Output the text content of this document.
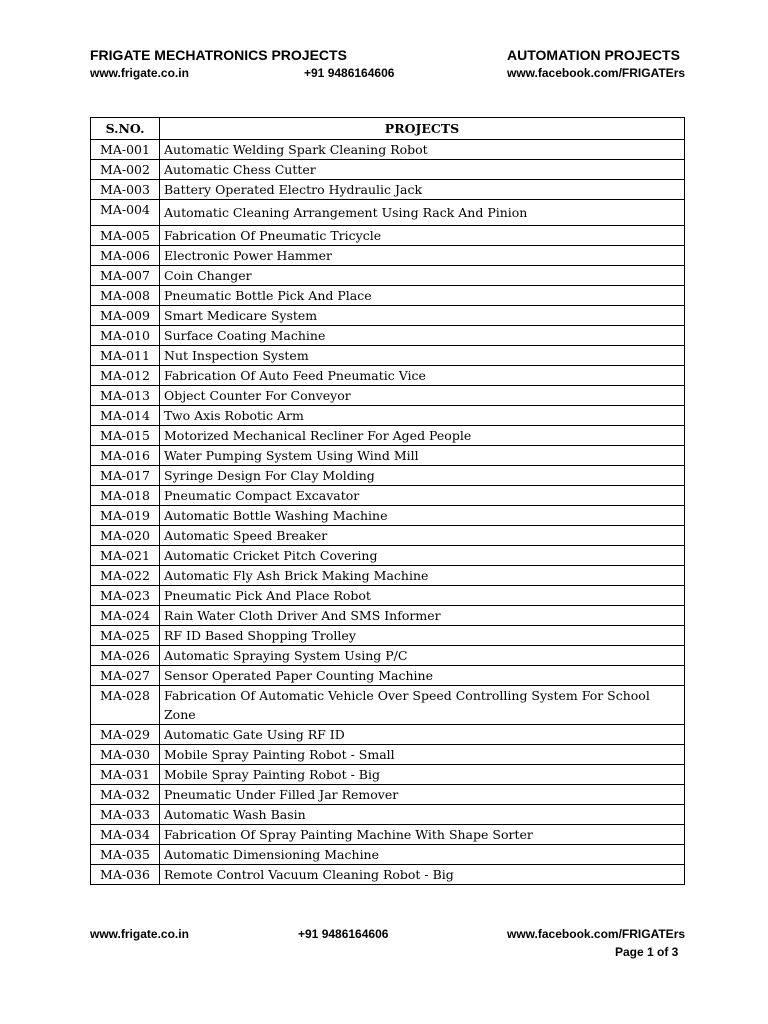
FRIGATE MECHATRONICS PROJECTS	AUTOMATION PROJECTS
www.frigate.co.in	+91 9486164606	www.facebook.com/FRIGATErs
S.NO.	PROJECTS
MA-001	Automatic Welding Spark Cleaning Robot
MA-002	Automatic Chess Cutter
MA-003	Battery Operated Electro Hydraulic Jack
MA-004	Automatic Cleaning Arrangement Using Rack And Pinion
MA-005	Fabrication Of Pneumatic Tricycle
MA-006	Electronic Power Hammer
MA-007	Coin Changer
MA-008	Pneumatic Bottle Pick And Place
MA-009	Smart Medicare System
MA-010	Surface Coating Machine
MA-011	Nut Inspection System
MA-012	Fabrication Of Auto Feed Pneumatic Vice
MA-013	Object Counter For Conveyor
MA-014	Two Axis Robotic Arm
MA-015	Motorized Mechanical Recliner For Aged People
MA-016	Water Pumping System Using Wind Mill
MA-017	Syringe Design For Clay Molding
MA-018	Pneumatic Compact Excavator
MA-019	Automatic Bottle Washing Machine
MA-020	Automatic Speed Breaker
MA-021	Automatic Cricket Pitch Covering
MA-022	Automatic Fly Ash Brick Making Machine
MA-023	Pneumatic Pick And Place Robot
MA-024	Rain Water Cloth Driver And SMS Informer
MA-025	RF ID Based Shopping Trolley
MA-026	Automatic Spraying System Using P/C
MA-027	Sensor Operated Paper Counting Machine
MA-028	Fabrication Of Automatic Vehicle Over Speed Controlling System For School Zone
MA-029	Automatic Gate Using RF ID
MA-030	Mobile Spray Painting Robot - Small
MA-031	Mobile Spray Painting Robot - Big
MA-032	Pneumatic Under Filled Jar Remover
MA-033	Automatic Wash Basin
MA-034	Fabrication Of Spray Painting Machine With Shape Sorter
MA-035	Automatic Dimensioning Machine
MA-036	Remote Control Vacuum Cleaning Robot - Big
www.frigate.co.in	+91 9486164606	www.facebook.com/FRIGATErs
Page 1 of 3
